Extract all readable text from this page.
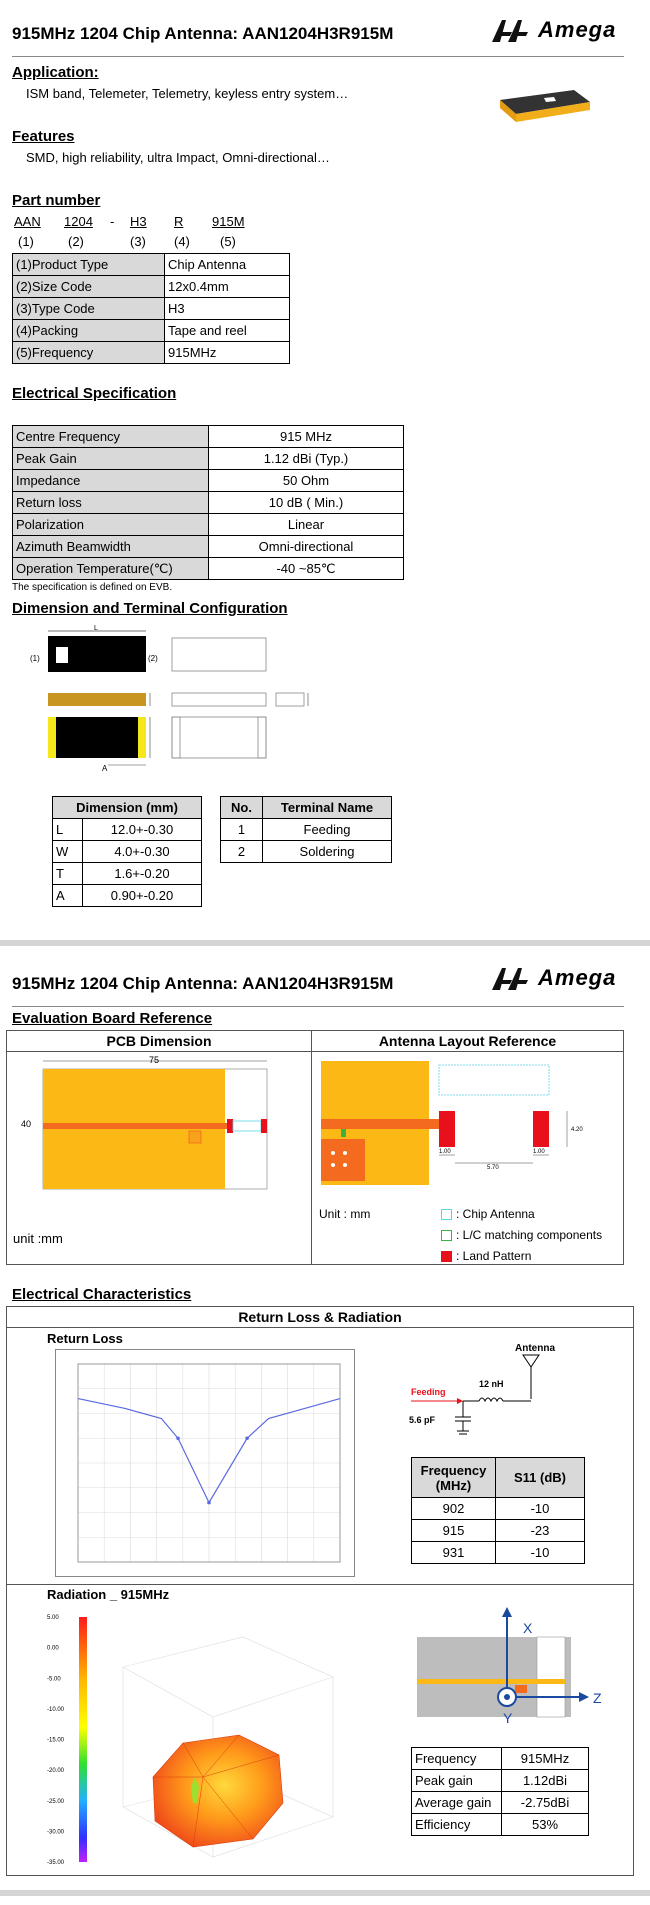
915MHz 1204 Chip Antenna: AAN1204H3R915M	Amega
Application:
ISM band, Telemeter, Telemetry, keyless entry system…
Features
SMD, high reliability, ultra Impact, Omni-directional…
Part number
AAN 1204 - H3 R 915M
(1)	(2)	(3) (4) (5)
(1)Product Type	Chip Antenna
(2)Size Code	12x0.4mm
(3)Type Code	H3
(4)Packing	Tape and reel
(5)Frequency	915MHz
Electrical Specification
Centre Frequency	915 MHz
Peak Gain	1.12 dBi (Typ.)
Impedance	50 Ohm
Return loss	10 dB ( Min.)
Polarization	Linear
Azimuth Beamwidth	Omni-directional
Operation Temperature(℃)	-40 ~85℃
The specification is defined on EVB.
Dimension and Terminal Configuration
L
(1)	(2)
A
Dimension (mm)	
L	12.0+-0.30
W	4.0+-0.30
T	1.6+-0.20
A	0.90+-0.20
No.	Terminal Name
1	Feeding
2	Soldering
915MHz 1204 Chip Antenna: AAN1204H3R915M	Amega
Evaluation Board Reference
PCB Dimension	Antenna Layout Reference
75
40
unit :mm
1.00
5.70
1.00
4.20
Unit : mm	: Chip Antenna
: L/C matching components
: Land Pattern
Electrical Characteristics
Return Loss & Radiation
Return Loss
Antenna
Feeding
12 nH
5.6 pF
Frequency (MHz)	S11 (dB)
902	-10
915	-23
931	-10
Radiation _ 915MHz
5.00
0.00
-5.00
-10.00
-15.00
-20.00
-25.00
-30.00
-35.00
X
Z
Y
Frequency	915MHz
Peak gain	1.12dBi
Average gain	-2.75dBi
Efficiency	53%
